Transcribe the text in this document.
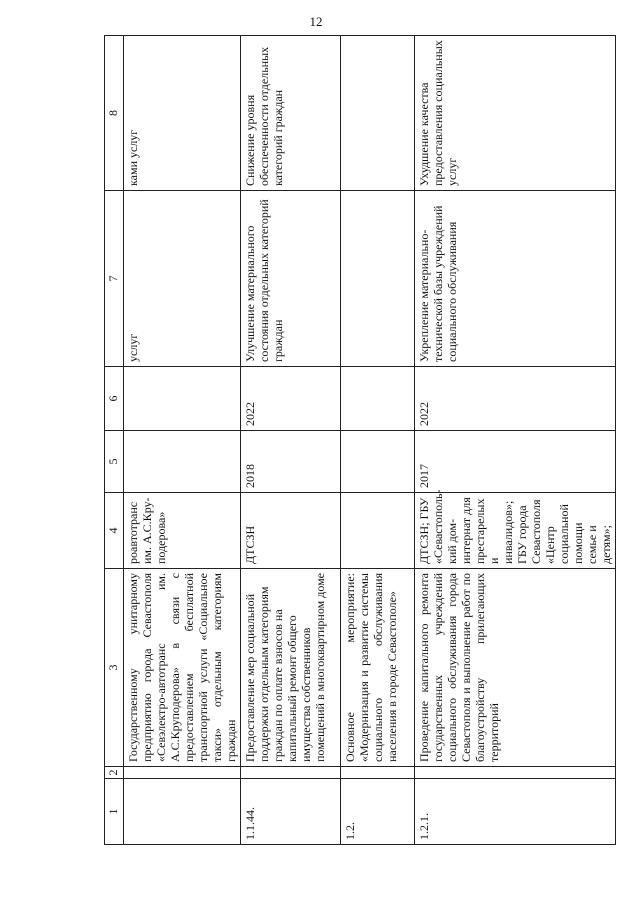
12
1	2	3	4	5	6	7	8
		Государственному унитарному предприятию города Севастополя «Севэлектро-автотранс им. А.С.Круподерова» в связи с предоставлением бесплатной транспортной услуги «Социальное такси» отдельным категориям граждан	роавтотранс им. А.С.Кру-подерова»			услуг	ками услуг
1.1.44.		Предоставление мер социальной поддержки отдельным категориям граждан по оплате взносов на капитальный ремонт общего имущества собственников помещений в многоквартирном доме	ДТСЗН	2018	2022	Улучшение материального состояния отдельных категорий граждан	Снижение уровня обеспеченности отдельных категорий граждан
1.2.		Основное мероприятие: «Модернизация и развитие системы социального обслуживания населения в городе Севастополе»					
1.2.1.		Проведение капитального ремонта государственных учреждений социального обслуживания города Севастополя и выполнение работ по благоустройству прилегающих территорий	ДТСЗН; ГБУ «Севастополь-кий дом-интернат для престарелых и инвалидов»; ГБУ города Севастополя «Центр социальной помощи семье и детям»;	2017	2022	Укрепление материально-технической базы учреждений социального обслуживания	Ухудшение качества предоставления социальных услуг
